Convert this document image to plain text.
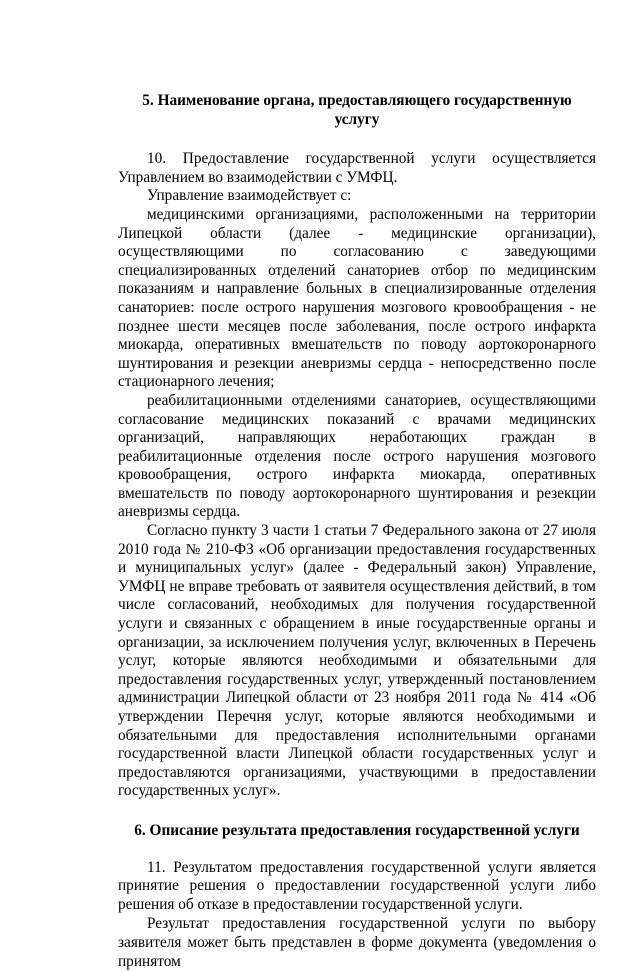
5. Наименование органа, предоставляющего государственную услугу

10. Предоставление государственной услуги осуществляется Управлением во взаимодействии с УМФЦ.

Управление взаимодействует с:

медицинскими организациями, расположенными на территории Липецкой области (далее - медицинские организации), осуществляющими по согласованию с заведующими специализированных отделений санаториев отбор по медицинским показаниям и направление больных в специализированные отделения санаториев: после острого нарушения мозгового кровообращения - не позднее шести месяцев после заболевания, после острого инфаркта миокарда, оперативных вмешательств по поводу аортокоронарного шунтирования и резекции аневризмы сердца - непосредственно после стационарного лечения;

реабилитационными отделениями санаториев, осуществляющими согласование медицинских показаний с врачами медицинских организаций, направляющих неработающих граждан в реабилитационные отделения после острого нарушения мозгового кровообращения, острого инфаркта миокарда, оперативных вмешательств по поводу аортокоронарного шунтирования и резекции аневризмы сердца.

Согласно пункту 3 части 1 статьи 7 Федерального закона от 27 июля 2010 года № 210-ФЗ «Об организации предоставления государственных и муниципальных услуг» (далее - Федеральный закон) Управление, УМФЦ не вправе требовать от заявителя осуществления действий, в том числе согласований, необходимых для получения государственной услуги и связанных с обращением в иные государственные органы и организации, за исключением получения услуг, включенных в Перечень услуг, которые являются необходимыми и обязательными для предоставления государственных услуг, утвержденный постановлением администрации Липецкой области от 23 ноября 2011 года № 414 «Об утверждении Перечня услуг, которые являются необходимыми и обязательными для предоставления исполнительными органами государственной власти Липецкой области государственных услуг и предоставляются организациями, участвующими в предоставлении государственных услуг».

6. Описание результата предоставления государственной услуги

11. Результатом предоставления государственной услуги является принятие решения о предоставлении государственной услуги либо решения об отказе в предоставлении государственной услуги.

Результат предоставления государственной услуги по выбору заявителя может быть представлен в форме документа (уведомления о принятом
